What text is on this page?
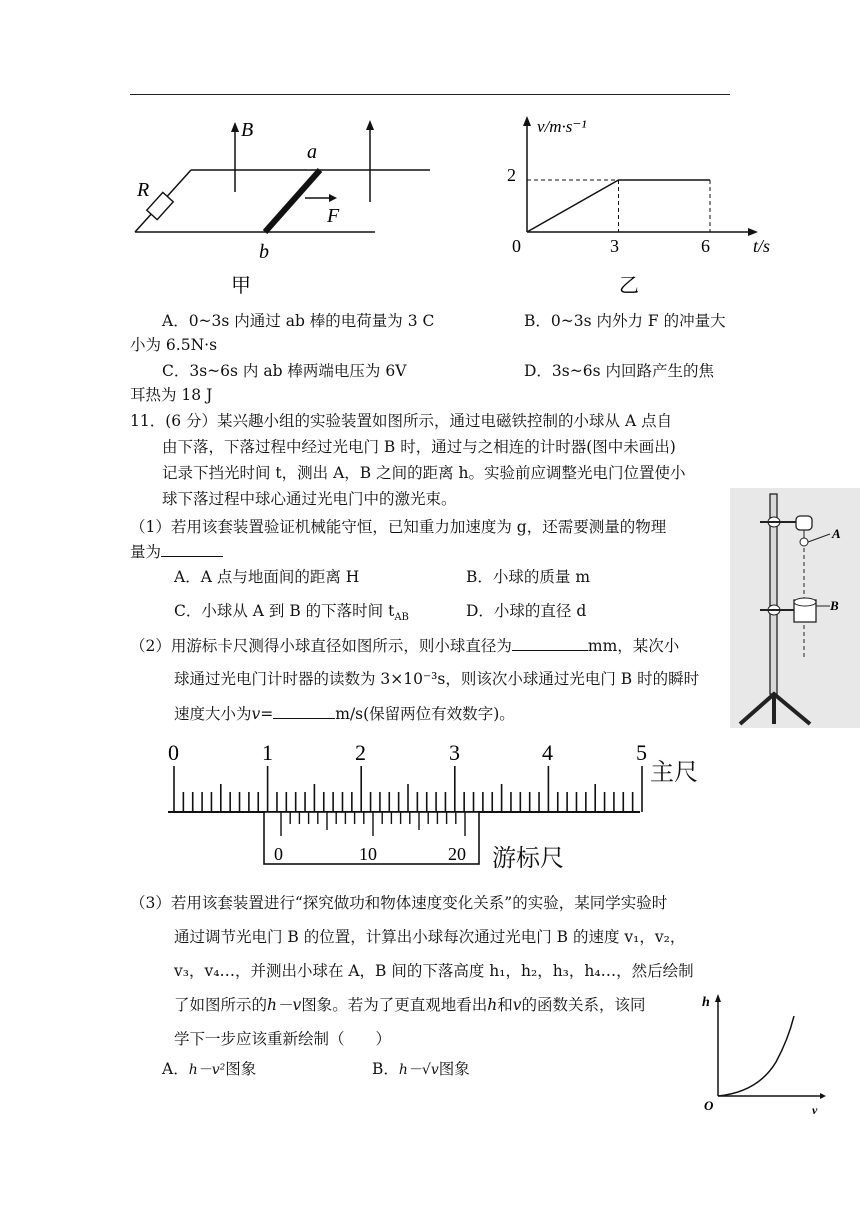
B
a
b
R
F
甲
v/m·s⁻¹
t/s
2
0	3	6
乙
A．0~3s 内通过 ab 棒的电荷量为 3 C	B．0~3s 内外力 F 的冲量大
小为 6.5N·s
C．3s~6s 内 ab 棒两端电压为 6V	D．3s~6s 内回路产生的焦
耳热为 18 J
11．(6 分）某兴趣小组的实验装置如图所示，通过电磁铁控制的小球从 A 点自
由下落，下落过程中经过光电门 B 时，通过与之相连的计时器(图中未画出)
记录下挡光时间 t，测出 A，B 之间的距离 h。实验前应调整光电门位置使小
球下落过程中球心通过光电门中的激光束。
（1）若用该套装置验证机械能守恒，已知重力加速度为 g，还需要测量的物理
量为
A．A 点与地面间的距离 H	B．小球的质量 m
C．小球从 A 到 B 的下落时间 $t_{AB}$	D．小球的直径 d
（2）用游标卡尺测得小球直径如图所示，则小球直径为	mm，某次小
球通过光电门计时器的读数为 3×10⁻³s，则该次小球通过光电门 B 时的瞬时
速度大小为v=	m/s(保留两位有效数字)。
A
B
0	1	2	3	4	5
0	10	20
主尺
游标尺
（3）若用该套装置进行“探究做功和物体速度变化关系”的实验，某同学实验时
通过调节光电门 B 的位置，计算出小球每次通过光电门 B 的速度 v₁，v₂，
v₃，v₄…，并测出小球在 A，B 间的下落高度 h₁，h₂，h₃，h₄…，然后绘制
了如图所示的h－v图象。若为了更直观地看出h和v的函数关系，该同
学下一步应该重新绘制（　　）
A．h－v²图象	B．h－√v图象
h
v
O
